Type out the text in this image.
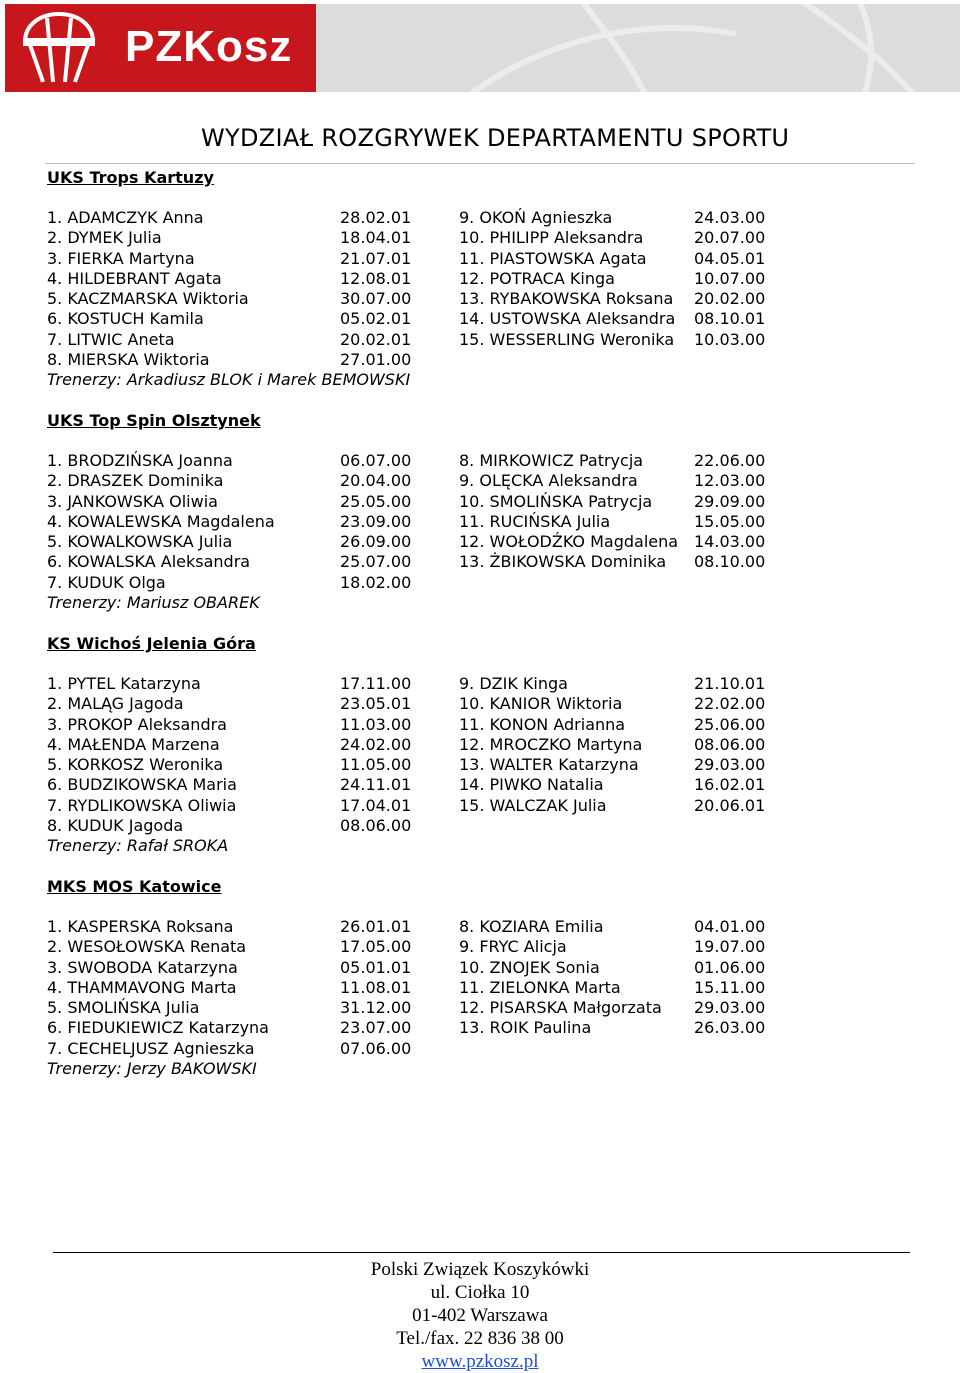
PZKosz
WYDZIAŁ ROZGRYWEK DEPARTAMENTU SPORTU
UKS Trops Kartuzy
1. ADAMCZYK Anna	28.02.01	9. OKOŃ Agnieszka	24.03.00
2. DYMEK Julia	18.04.01	10. PHILIPP Aleksandra	20.07.00
3. FIERKA Martyna	21.07.01	11. PIASTOWSKA Agata	04.05.01
4. HILDEBRANT Agata	12.08.01	12. POTRACA Kinga	10.07.00
5. KACZMARSKA Wiktoria	30.07.00	13. RYBAKOWSKA Roksana 20.02.00
6. KOSTUCH Kamila	05.02.01	14. USTOWSKA Aleksandra 08.10.01
7. LITWIC Aneta	20.02.01	15. WESSERLING Weronika 10.03.00
8. MIERSKA Wiktoria	27.01.00
Trenerzy: Arkadiusz BLOK i Marek BEMOWSKI
UKS Top Spin Olsztynek
1. BRODZIŃSKA Joanna	06.07.00	8. MIRKOWICZ Patrycja	22.06.00
2. DRASZEK Dominika	20.04.00	9. OLĘCKA Aleksandra	12.03.00
3. JANKOWSKA Oliwia	25.05.00	10. SMOLIŃSKA Patrycja	29.09.00
4. KOWALEWSKA Magdalena	23.09.00	11. RUCIŃSKA Julia	15.05.00
5. KOWALKOWSKA Julia	26.09.00	12. WOŁODŹKO Magdalena 14.03.00
6. KOWALSKA Aleksandra	25.07.00	13. ŻBIKOWSKA Dominika 08.10.00
7. KUDUK Olga	18.02.00
Trenerzy: Mariusz OBAREK
KS Wichoś Jelenia Góra
1. PYTEL Katarzyna	17.11.00	9. DZIK Kinga	21.10.01
2. MALĄG Jagoda	23.05.01	10. KANIOR Wiktoria	22.02.00
3. PROKOP Aleksandra	11.03.00	11. KONON Adrianna	25.06.00
4. MAŁENDA Marzena	24.02.00	12. MROCZKO Martyna	08.06.00
5. KORKOSZ Weronika	11.05.00	13. WALTER Katarzyna	29.03.00
6. BUDZIKOWSKA Maria	24.11.01	14. PIWKO Natalia	16.02.01
7. RYDLIKOWSKA Oliwia	17.04.01	15. WALCZAK Julia	20.06.01
8. KUDUK Jagoda	08.06.00
Trenerzy: Rafał SROKA
MKS MOS Katowice
1. KASPERSKA Roksana	26.01.01	8. KOZIARA Emilia	04.01.00
2. WESOŁOWSKA Renata	17.05.00	9. FRYC Alicja	19.07.00
3. SWOBODA Katarzyna	05.01.01	10. ZNOJEK Sonia	01.06.00
4. THAMMAVONG Marta	11.08.01	11. ZIELONKA Marta	15.11.00
5. SMOLIŃSKA Julia	31.12.00	12. PISARSKA Małgorzata 29.03.00
6. FIEDUKIEWICZ Katarzyna	23.07.00	13. ROIK Paulina	26.03.00
7. CECHELJUSZ Agnieszka	07.06.00
Trenerzy: Jerzy BAKOWSKI
Polski Związek Koszykówki
ul. Ciołka 10
01-402 Warszawa
Tel./fax. 22 836 38 00
www.pzkosz.pl
